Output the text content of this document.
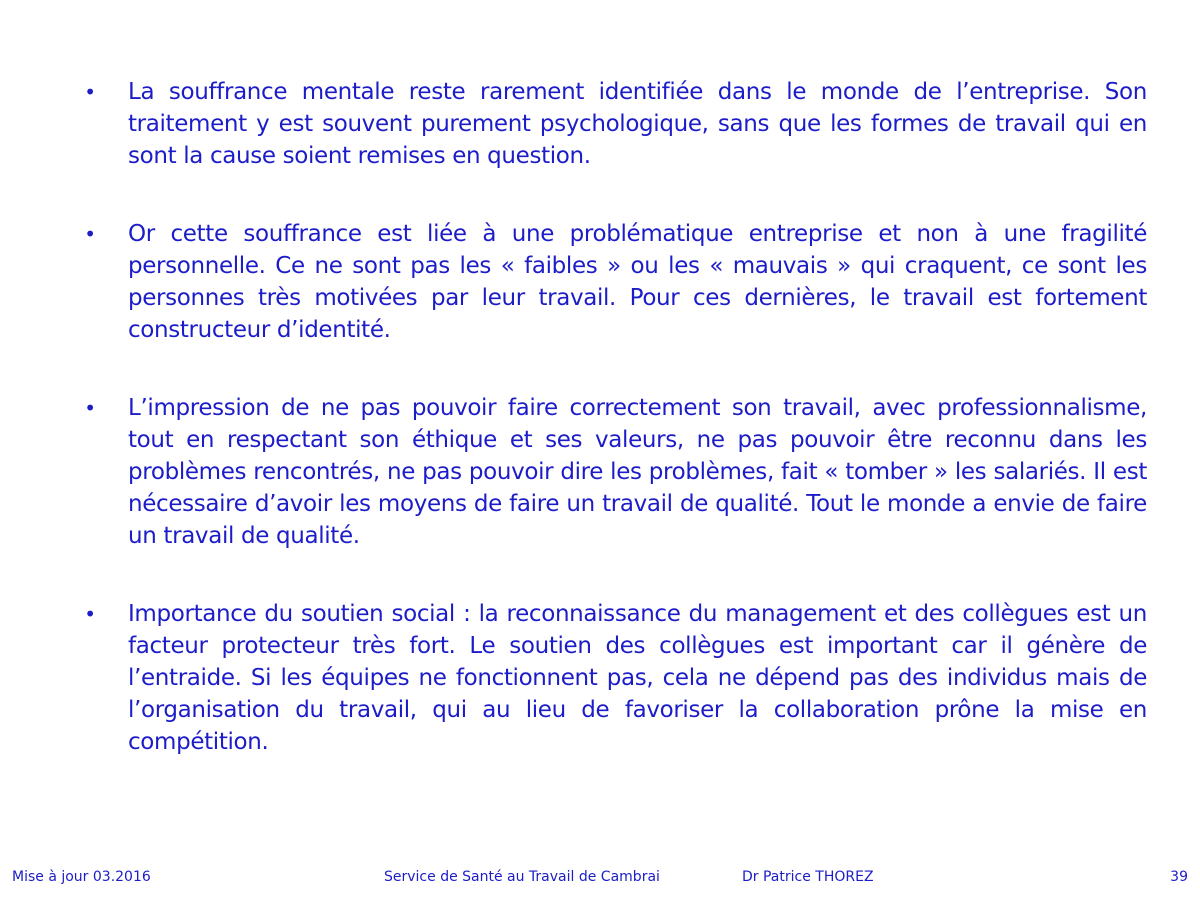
• La souffrance mentale reste rarement identifiée dans le monde de l’entreprise. Son traitement y est souvent purement psychologique, sans que les formes de travail qui en sont la cause soient remises en question.
• Or cette souffrance est liée à une problématique entreprise et non à une fragilité personnelle. Ce ne sont pas les « faibles » ou les « mauvais » qui craquent, ce sont les personnes très motivées par leur travail. Pour ces dernières, le travail est fortement constructeur d’identité.
• L’impression de ne pas pouvoir faire correctement son travail, avec professionnalisme, tout en respectant son éthique et ses valeurs, ne pas pouvoir être reconnu dans les problèmes rencontrés, ne pas pouvoir dire les problèmes, fait « tomber » les salariés. Il est nécessaire d’avoir les moyens de faire un travail de qualité. Tout le monde a envie de faire un travail de qualité.
• Importance du soutien social : la reconnaissance du management et des collègues est un facteur protecteur très fort. Le soutien des collègues est important car il génère de l’entraide. Si les équipes ne fonctionnent pas, cela ne dépend pas des individus mais de l’organisation du travail, qui au lieu de favoriser la collaboration prône la mise en compétition.
Mise à jour 03.2016	Service de Santé au Travail de Cambrai	Dr Patrice THOREZ	39
